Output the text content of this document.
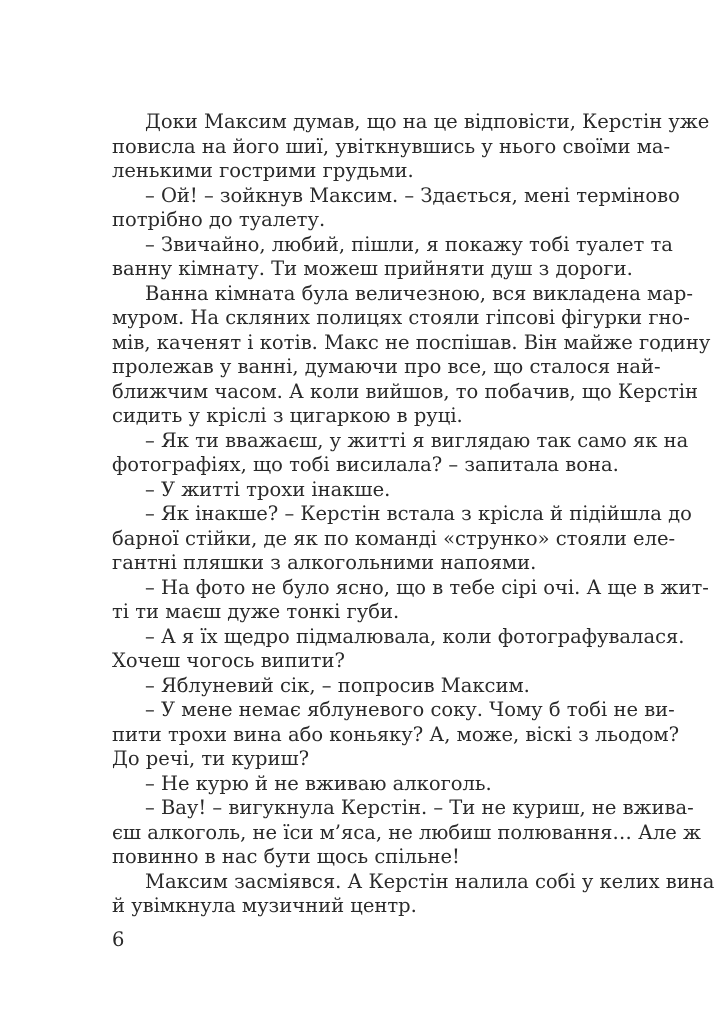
Доки Максим думав, що на це відповісти, Керстін уже
повисла на його шиї, увіткнувшись у нього своїми ма-
ленькими гострими грудьми.
– Ой! – зойкнув Максим. – Здається, мені терміново
потрібно до туалету.
– Звичайно, любий, пішли, я покажу тобі туалет та
ванну кімнату. Ти можеш прийняти душ з дороги.
Ванна кімната була величезною, вся викладена мар-
муром. На скляних полицях стояли гіпсові фігурки гно-
мів, каченят і котів. Макс не поспішав. Він майже годину
пролежав у ванні, думаючи про все, що сталося най-
ближчим часом. А коли вийшов, то побачив, що Керстін
сидить у кріслі з цигаркою в руці.
– Як ти вважаєш, у житті я виглядаю так само як на
фотографіях, що тобі висилала? – запитала вона.
– У житті трохи інакше.
– Як інакше? – Керстін встала з крісла й підійшла до
барної стійки, де як по команді «струнко» стояли еле-
гантні пляшки з алкогольними напоями.
– На фото не було ясно, що в тебе сірі очі. А ще в жит-
ті ти маєш дуже тонкі губи.
– А я їх щедро підмалювала, коли фотографувалася.
Хочеш чогось випити?
– Яблуневий сік, – попросив Максим.
– У мене немає яблуневого соку. Чому б тобі не ви-
пити трохи вина або коньяку? А, може, віскі з льодом?
До речі, ти куриш?
– Не курю й не вживаю алкоголь.
– Вау! – вигукнула Керстін. – Ти не куриш, не вжива-
єш алкоголь, не їси м’яса, не любиш полювання… Але ж
повинно в нас бути щось спільне!
Максим засміявся. А Керстін налила собі у келих вина
й увімкнула музичний центр.
6
